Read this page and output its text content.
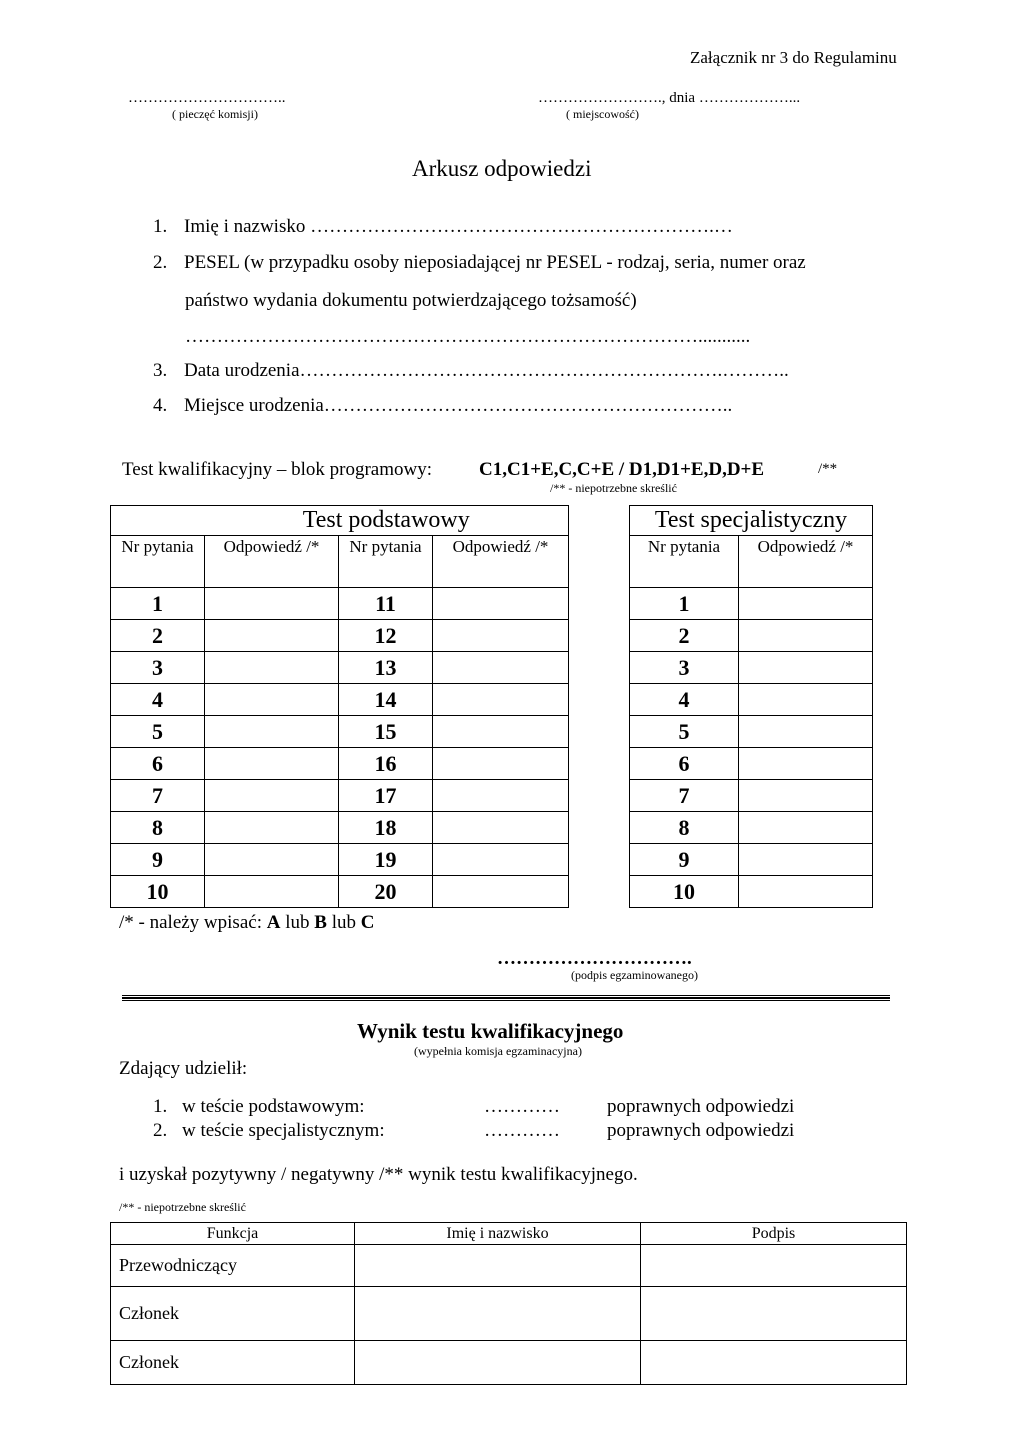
Załącznik nr 3 do Regulaminu
…………………………..
( pieczęć komisji)
……………………., dnia ………………...
( miejscowość)
Arkusz odpowiedzi
1. Imię i nazwisko ……………………………………………………….…
2. PESEL (w przypadku osoby nieposiadającej nr PESEL - rodzaj, seria, numer oraz
państwo wydania dokumentu potwierdzającego tożsamość)
………………………………………………………………………...........
3. Data urodzenia………………………………………………………….………..
4. Miejsce urodzenia………………………………………………………..
Test kwalifikacyjny – blok programowy: C1,C1+E,C,C+E / D1,D1+E,D,D+E	/**
/** - niepotrzebne skreślić
	Test podstawowy		
Nr pytania	Odpowiedź /*	Nr pytania	Odpowiedź /*
1		11	
2		12	
3		13	
4		14	
5		15	
6		16	
7		17	
8		18	
9		19	
10		20	
Test specjalistyczny	
Nr pytania	Odpowiedź /*
1	
2	
3	
4	
5	
6	
7	
8	
9	
10	
/* - należy wpisać: A lub B lub C
………………………….
(podpis egzaminowanego)
Wynik testu kwalifikacyjnego
(wypełnia komisja egzaminacyjna)
Zdający udzielił:
1. w teście podstawowym:	………… poprawnych odpowiedzi
2. w teście specjalistycznym:	………… poprawnych odpowiedzi
i uzyskał pozytywny / negatywny /** wynik testu kwalifikacyjnego.
/** - niepotrzebne skreślić
Funkcja	Imię i nazwisko	Podpis
Przewodniczący		
Członek		
Członek		
